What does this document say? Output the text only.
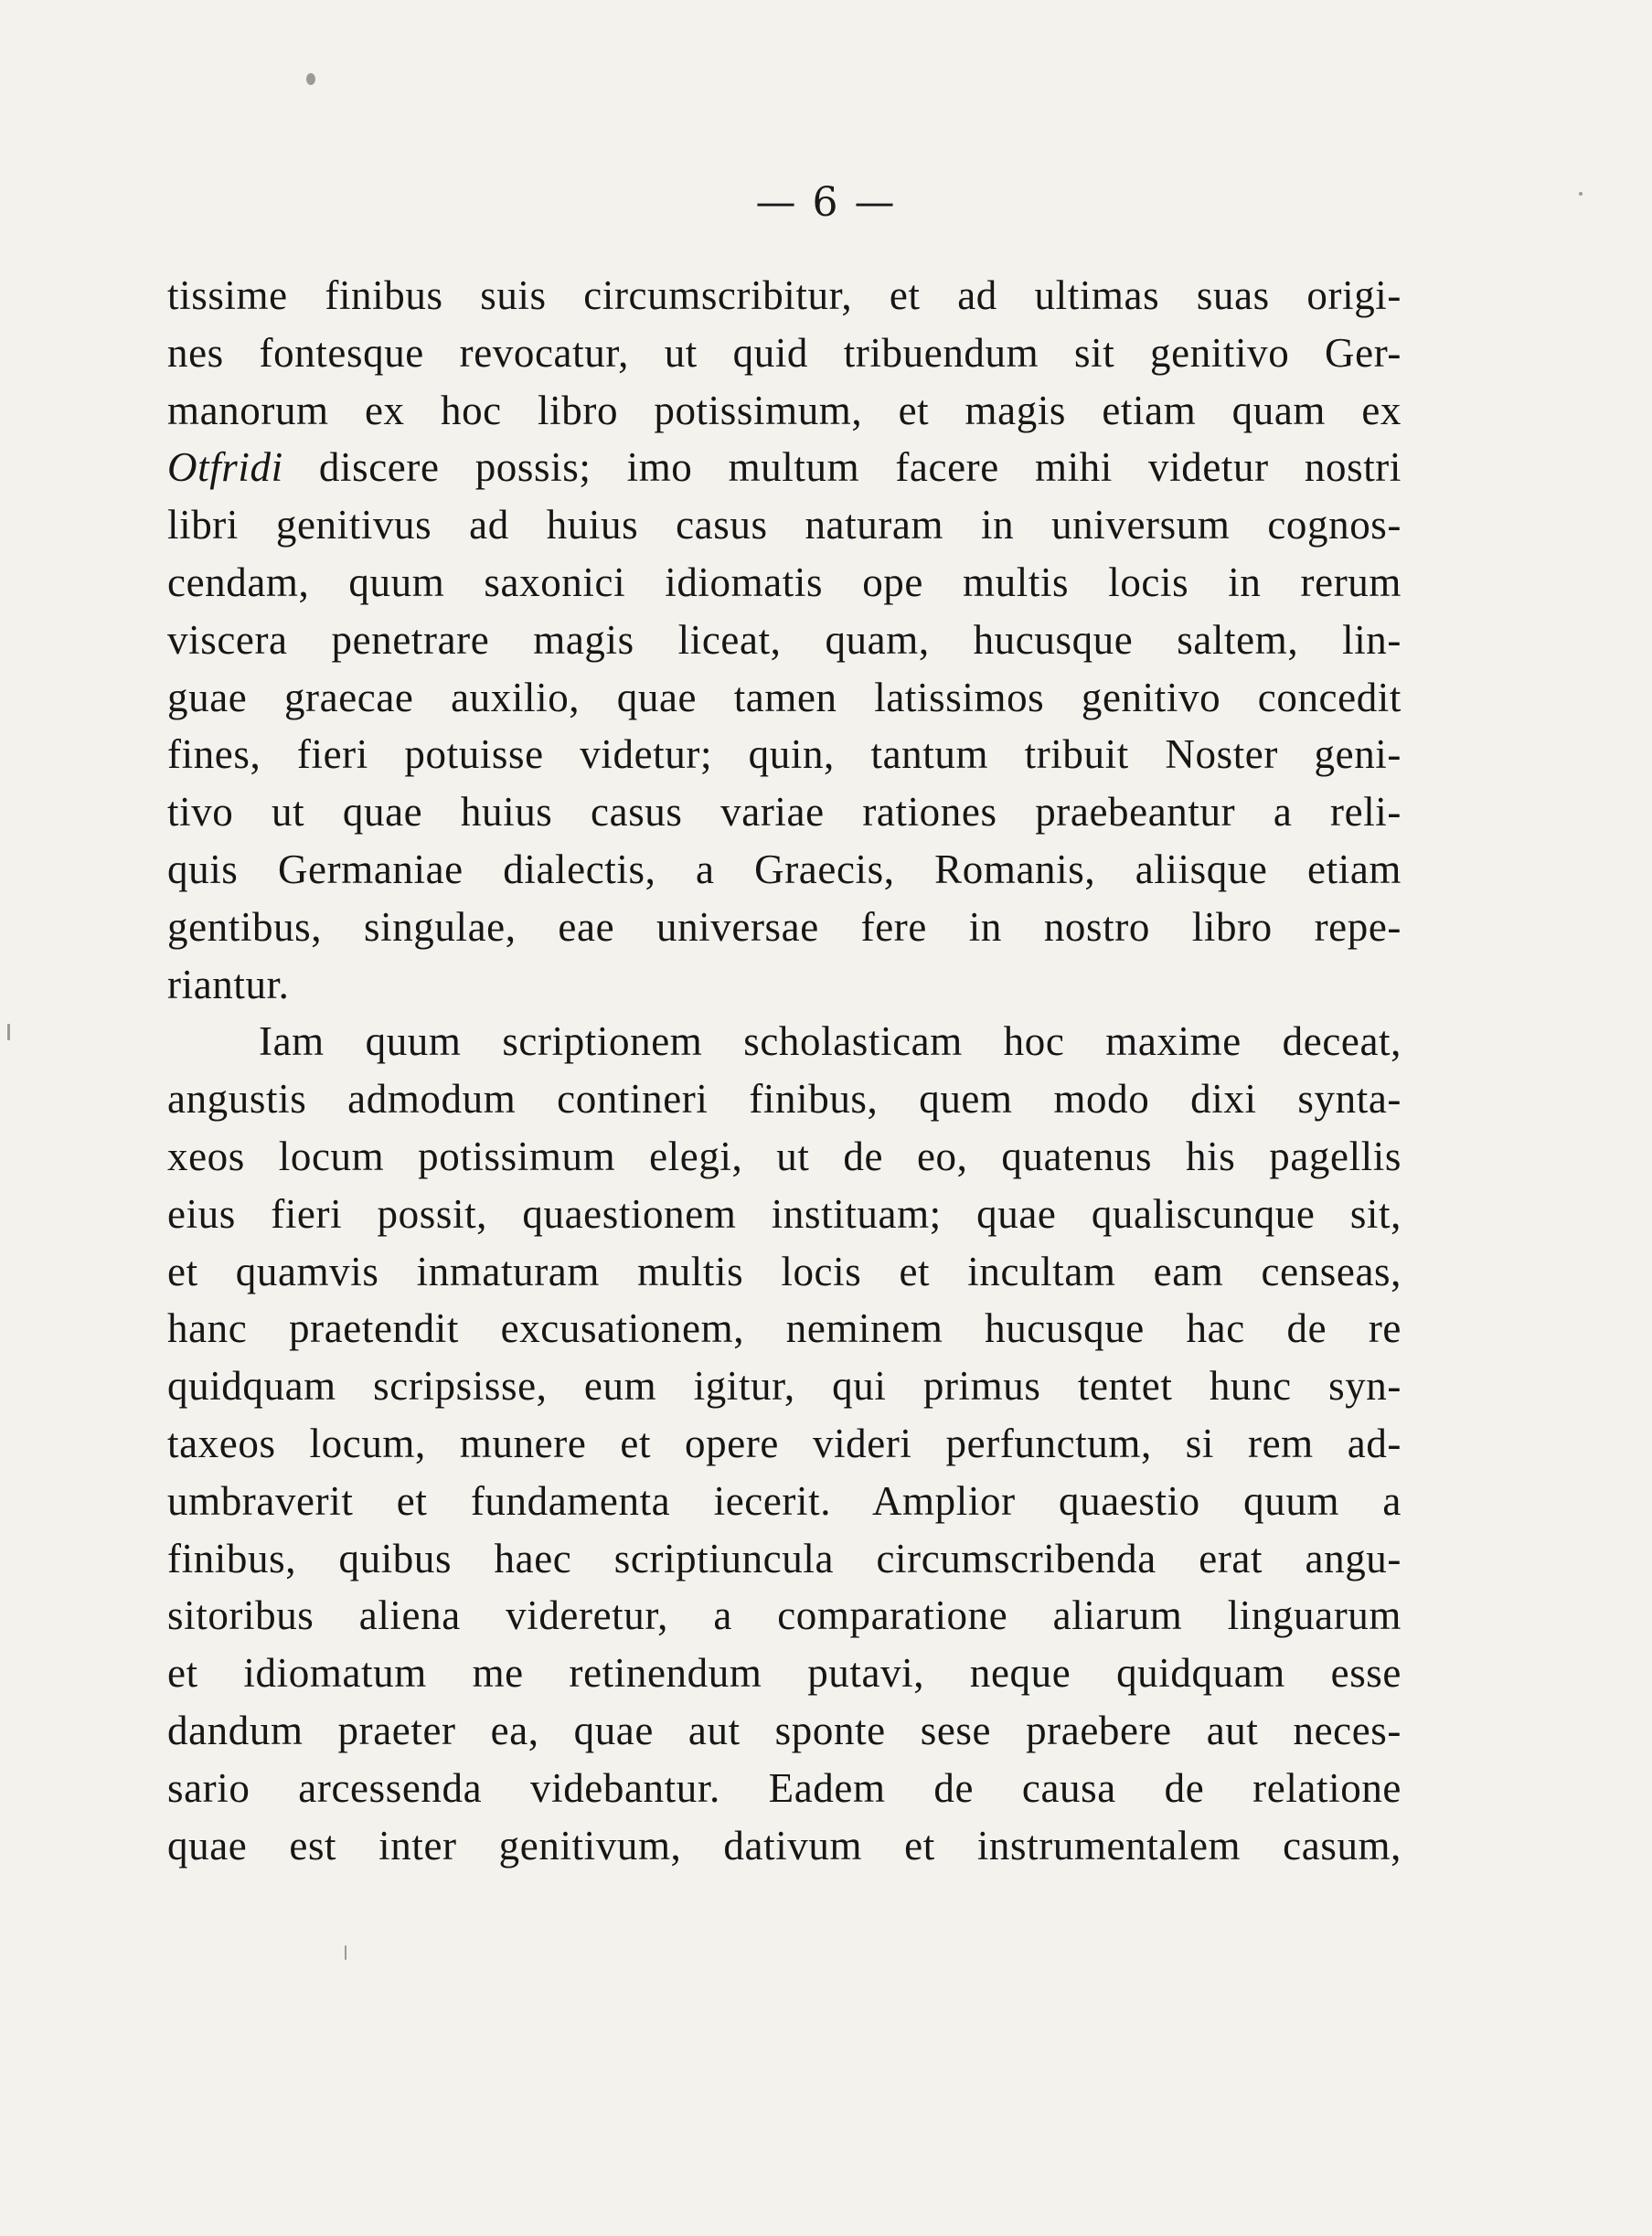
— 6 —
tissime finibus suis circumscribitur, et ad ultimas suas origi-
nes fontesque revocatur, ut quid tribuendum sit genitivo Ger-
manorum ex hoc libro potissimum, et magis etiam quam ex
Otfridi discere possis; imo multum facere mihi videtur nostri
libri genitivus ad huius casus naturam in universum cognos-
cendam, quum saxonici idiomatis ope multis locis in rerum
viscera penetrare magis liceat, quam, hucusque saltem, lin-
guae graecae auxilio, quae tamen latissimos genitivo concedit
fines, fieri potuisse videtur; quin, tantum tribuit Noster geni-
tivo ut quae huius casus variae rationes praebeantur a reli-
quis Germaniae dialectis, a Graecis, Romanis, aliisque etiam
gentibus, singulae, eae universae fere in nostro libro repe-
riantur.
Iam quum scriptionem scholasticam hoc maxime deceat,
angustis admodum contineri finibus, quem modo dixi synta-
xeos locum potissimum elegi, ut de eo, quatenus his pagellis
eius fieri possit, quaestionem instituam; quae qualiscunque sit,
et quamvis inmaturam multis locis et incultam eam censeas,
hanc praetendit excusationem, neminem hucusque hac de re
quidquam scripsisse, eum igitur, qui primus tentet hunc syn-
taxeos locum, munere et opere videri perfunctum, si rem ad-
umbraverit et fundamenta iecerit. Amplior quaestio quum a
finibus, quibus haec scriptiuncula circumscribenda erat angu-
sitoribus aliena videretur, a comparatione aliarum linguarum
et idiomatum me retinendum putavi, neque quidquam esse
dandum praeter ea, quae aut sponte sese praebere aut neces-
sario arcessenda videbantur. Eadem de causa de relatione
quae est inter genitivum, dativum et instrumentalem casum,
